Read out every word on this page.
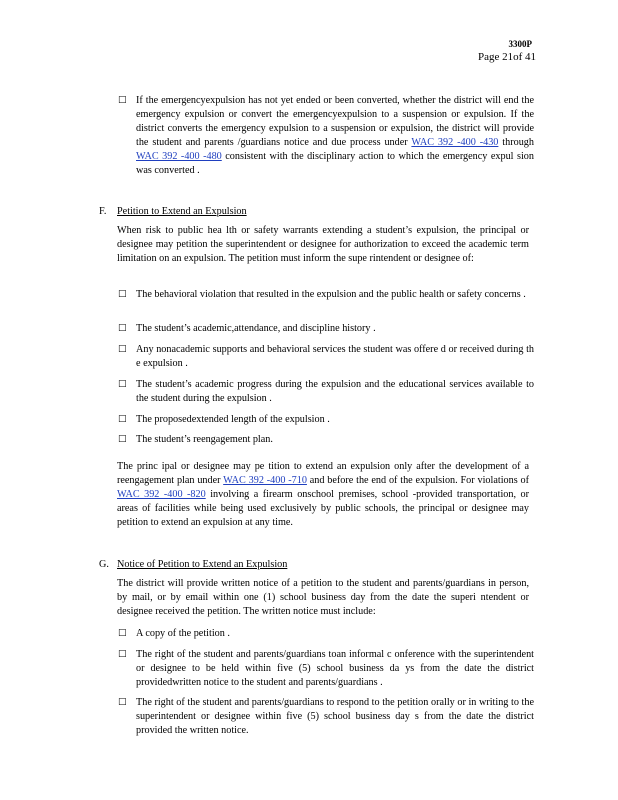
3300P
Page 21of 41
□ If the emergencyexpulsion has not yet ended or been converted, whether the district will end the emergency expulsion or convert the emergencyexpulsion to a suspension or expulsion. If the district converts the emergency expulsion to a suspension or expulsion, the district will provide the student and parents /guardians notice and due process under WAC 392 -400 -430 through WAC 392 -400 -480 consistent with the disciplinary action to which the emergency expul sion was converted .
F. Petition to Extend an Expulsion
When risk to public hea lth or safety warrants extending a student’s expulsion, the principal or designee may petition the superintendent or designee for authorization to exceed the academic term limitation on an expulsion. The petition must inform the supe rintendent or designee of:
□ The behavioral violation that resulted in the expulsion and the public health or safety concerns .
□ The student’s academic,attendance, and discipline history .
□ Any nonacademic supports and behavioral services the student was offere d or received during th e expulsion .
□ The student’s academic progress during the expulsion and the educational services available to the student during the expulsion .
□ The proposedextended length of the expulsion .
□ The student’s reengagement plan.
The princ ipal or designee may pe tition to extend an expulsion only after the development of a reengagement plan under WAC 392 -400 -710 and before the end of the expulsion. For violations of WAC 392 -400 -820 involving a firearm onschool premises, school -provided transportation, or areas of facilities while being used exclusively by public schools, the principal or designee may petition to extend an expulsion at any time.
G. Notice of Petition to Extend an Expulsion
The district will provide written notice of a petition to the student and parents/guardians in person, by mail, or by email within one (1) school business day from the date the superi ntendent or designee received the petition. The written notice must include:
□ A copy of the petition .
□ The right of the student and parents/guardians toan informal c onference with the superintendent or designee to be held within five (5) school business da ys from the date the district providedwritten notice to the student and parents/guardians .
□ The right of the student and parents/guardians to respond to the petition orally or in writing to the superintendent or designee within five (5) school business day s from the date the district provided the written notice.
